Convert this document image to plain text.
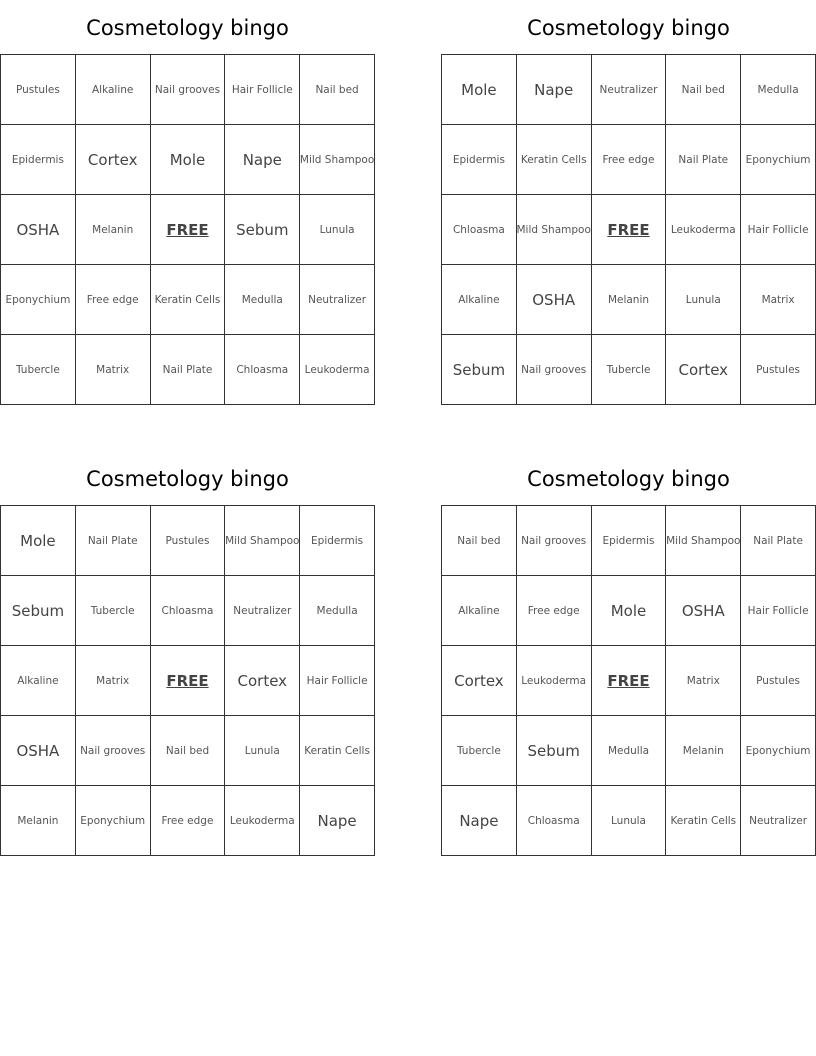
Cosmetology bingo
Pustules	Alkaline	Nail grooves	Hair Follicle	Nail bed
Epidermis	Cortex	Mole	Nape	Mild Shampoo
OSHA	Melanin	FREE	Sebum	Lunula
Eponychium	Free edge	Keratin Cells	Medulla	Neutralizer
Tubercle	Matrix	Nail Plate	Chloasma	Leukoderma
Cosmetology bingo
Mole	Nape	Neutralizer	Nail bed	Medulla
Epidermis	Keratin Cells	Free edge	Nail Plate	Eponychium
Chloasma	Mild Shampoo	FREE	Leukoderma	Hair Follicle
Alkaline	OSHA	Melanin	Lunula	Matrix
Sebum	Nail grooves	Tubercle	Cortex	Pustules
Cosmetology bingo
Mole	Nail Plate	Pustules	Mild Shampoo	Epidermis
Sebum	Tubercle	Chloasma	Neutralizer	Medulla
Alkaline	Matrix	FREE	Cortex	Hair Follicle
OSHA	Nail grooves	Nail bed	Lunula	Keratin Cells
Melanin	Eponychium	Free edge	Leukoderma	Nape
Cosmetology bingo
Nail bed	Nail grooves	Epidermis	Mild Shampoo	Nail Plate
Alkaline	Free edge	Mole	OSHA	Hair Follicle
Cortex	Leukoderma	FREE	Matrix	Pustules
Tubercle	Sebum	Medulla	Melanin	Eponychium
Nape	Chloasma	Lunula	Keratin Cells	Neutralizer
